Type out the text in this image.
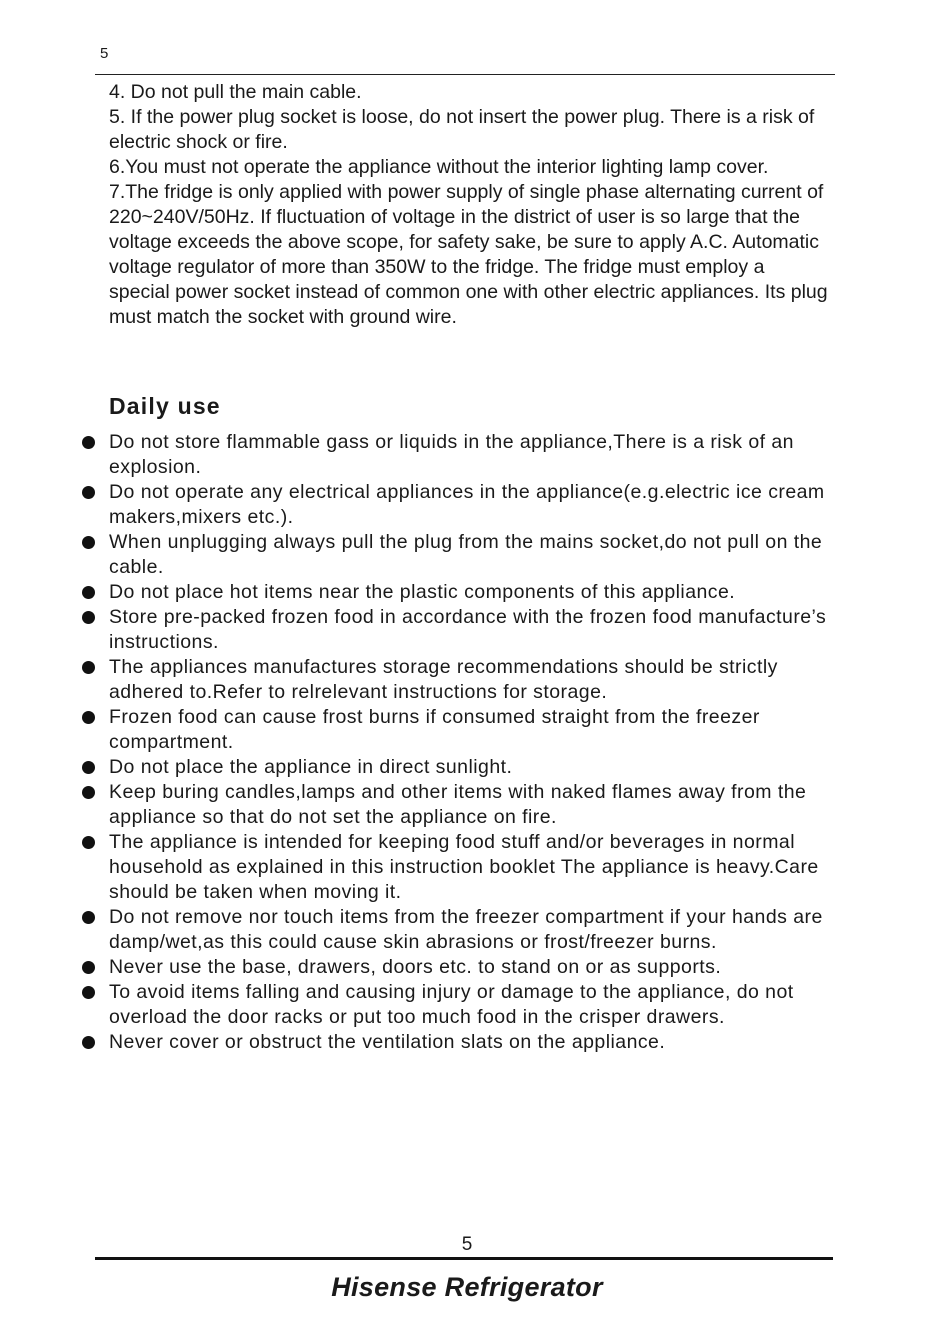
5

4. Do not pull the main cable.

5. If the power plug socket is loose, do not insert the power plug. There is a risk of electric shock or fire.

6.You must not operate the appliance without the interior lighting lamp cover.

7.The fridge is only applied with power supply of single phase alternating current of 220~240V/50Hz. If fluctuation of voltage in the district of user is so large that the voltage exceeds the above scope, for safety sake, be sure to apply A.C. Automatic voltage regulator of more than 350W to the fridge. The fridge must employ a special power socket instead of common one with other electric appliances. Its plug must match the socket with ground wire.

Daily use
Do not store flammable gass or liquids in the appliance,There is a risk of an explosion.
Do not operate any electrical appliances in the appliance(e.g.electric ice cream makers,mixers etc.).
When unplugging always pull the plug from the mains socket,do not pull on the cable.
Do not place hot items near the plastic components of this appliance.
Store pre-packed frozen food in accordance with the frozen food manufacture’s instructions.
The appliances manufactures storage recommendations should be strictly adhered to.Refer to relrelevant instructions for storage.
Frozen food can cause frost burns if consumed straight from the freezer compartment.
Do not place the appliance in direct sunlight.
Keep buring candles,lamps and other items with naked flames away from the appliance so that do not set the appliance on fire.
The appliance is intended for keeping food stuff and/or beverages in normal household as explained in this instruction booklet The appliance is heavy.Care should be taken when moving it.
Do not remove nor touch items from the freezer compartment if your hands are damp/wet,as this could cause skin abrasions or frost/freezer burns.
Never use the base, drawers, doors etc. to stand on or as supports.
To avoid items falling and causing injury or damage to the appliance, do not overload the door racks or put too much food in the crisper drawers.
Never cover or obstruct the ventilation slats on the appliance.
5
Hisense Refrigerator
